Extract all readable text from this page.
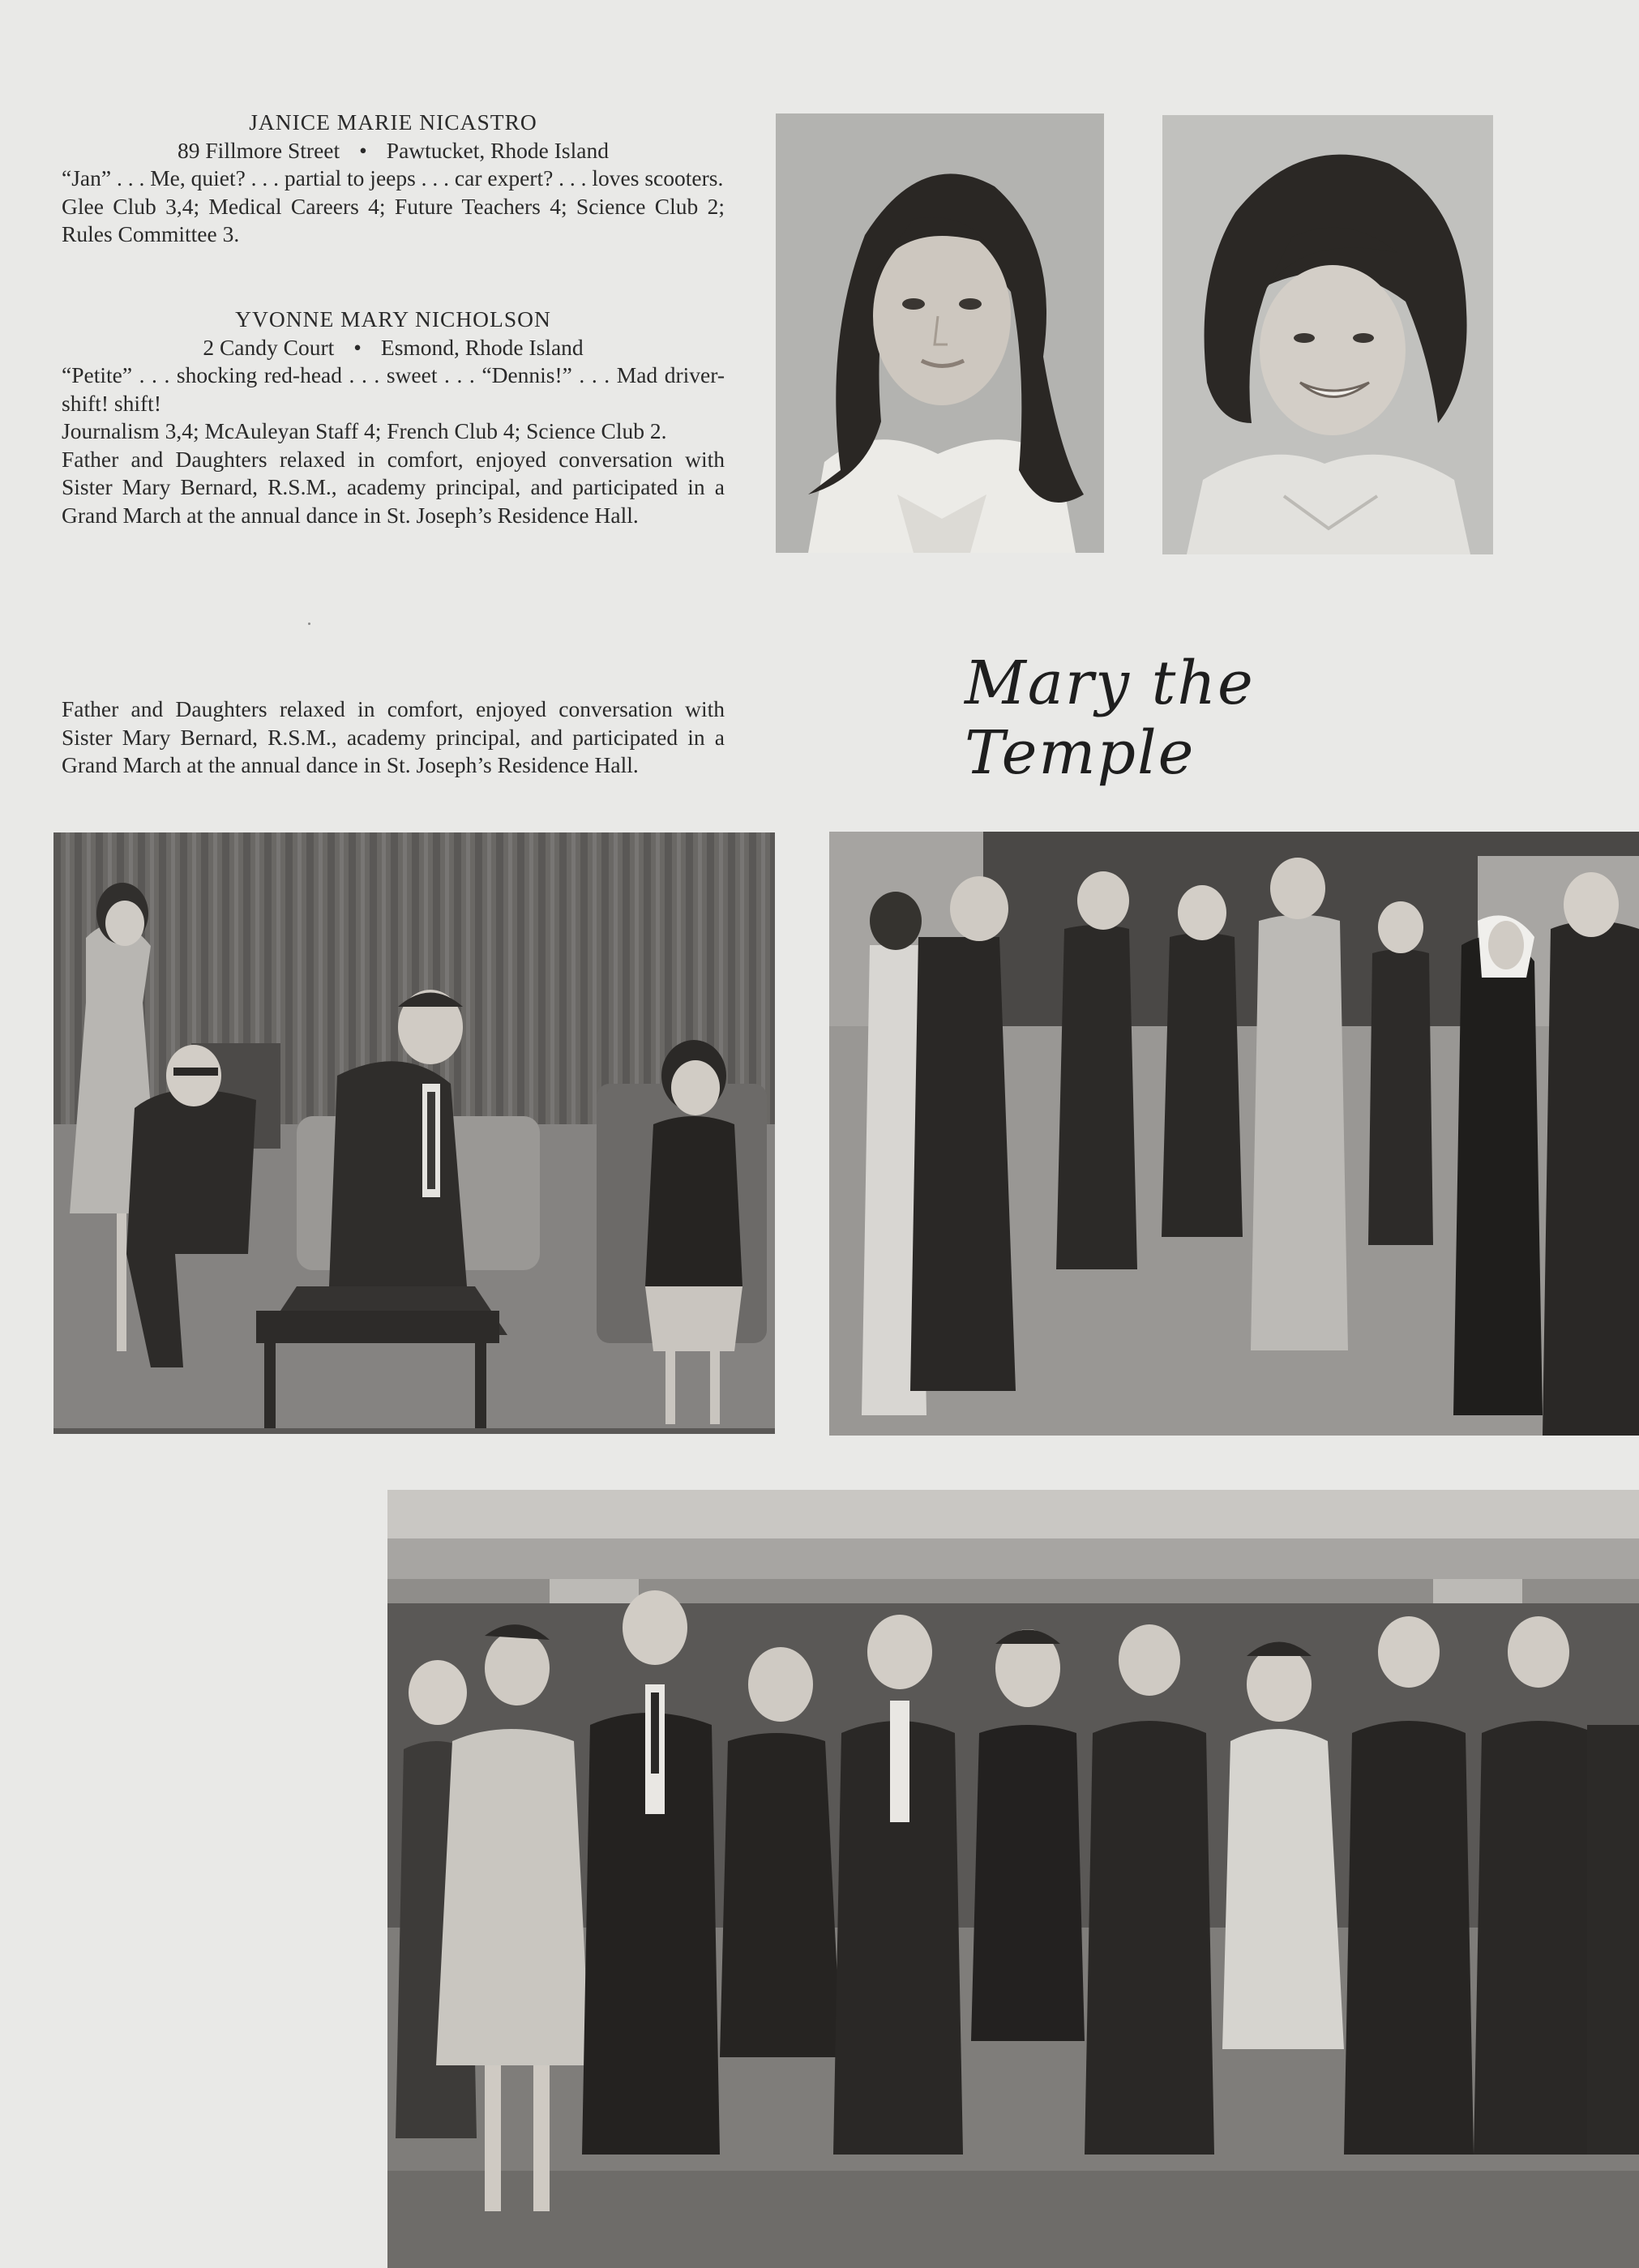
JANICE MARIE NICASTRO
89 Fillmore Street • Pawtucket, Rhode Island
“Jan” . . . Me, quiet? . . . partial to jeeps . . . car expert? . . . loves scooters.
Glee Club 3,4; Medical Careers 4; Future Teachers 4; Science Club 2; Rules Committee 3.
YVONNE MARY NICHOLSON
2 Candy Court • Esmond, Rhode Island
“Petite” . . . shocking red-head . . . sweet . . . “Dennis!” . . . Mad driver-shift! shift!
Journalism 3,4; McAuleyan Staff 4; French Club 4; Science Club 2.
Father and Daughters relaxed in comfort, enjoyed conversation with Sister Mary Bernard, R.S.M., academy principal, and participated in a Grand March at the annual dance in St. Joseph’s Residence Hall.
Mary the Temple
Father and Daughters relaxed in comfort, enjoyed conversation with Sister Mary Bernard, R.S.M., academy principal, and participated in a Grand March at the annual dance in St. Joseph’s Residence Hall.
